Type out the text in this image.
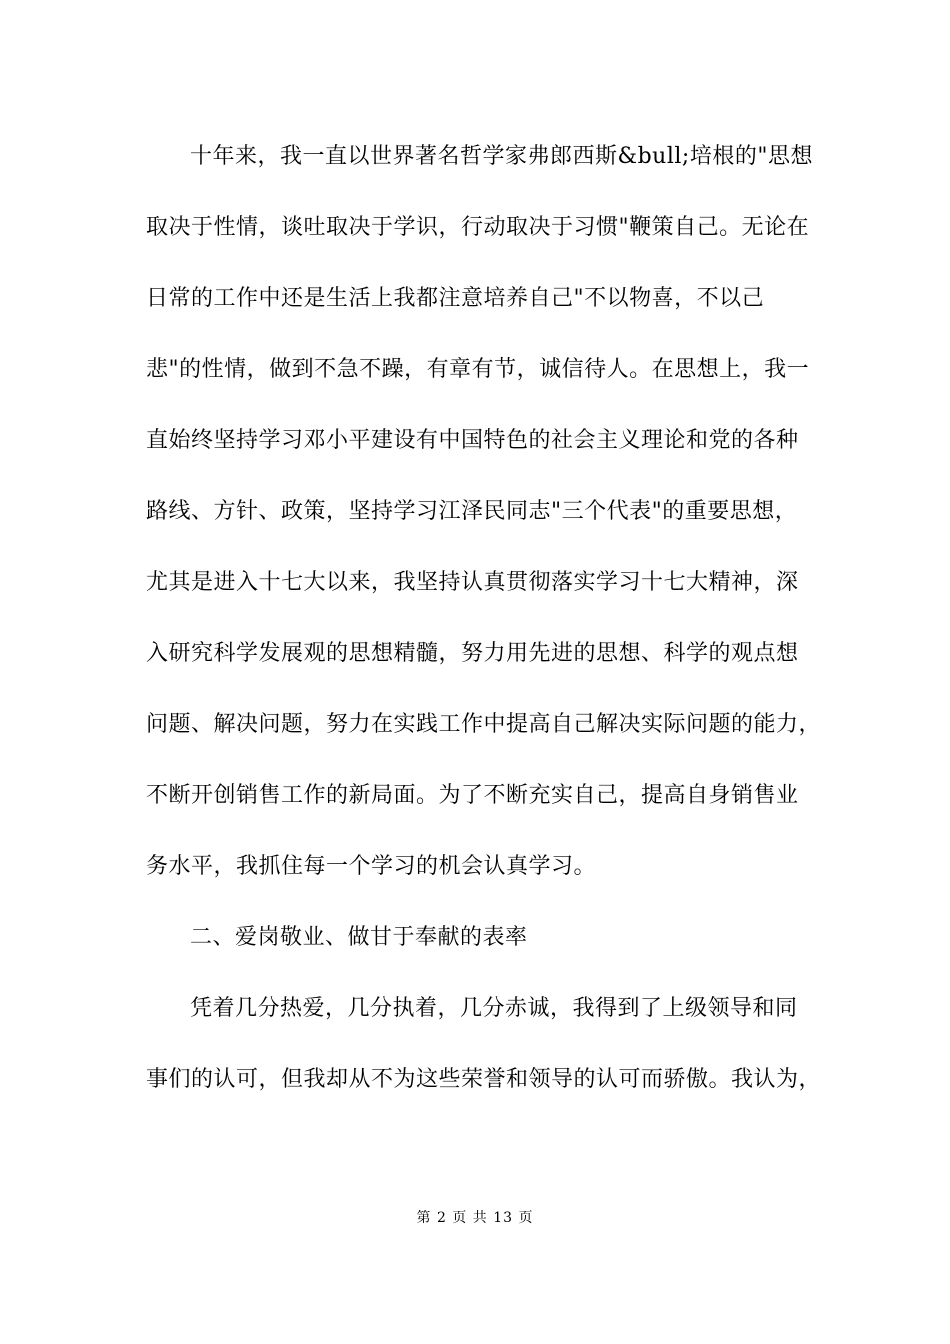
十年来，我一直以世界著名哲学家弗郎西斯&bull;培根的"思想
取决于性情，谈吐取决于学识，行动取决于习惯"鞭策自己。无论在
日常的工作中还是生活上我都注意培养自己"不以物喜，不以己
悲"的性情，做到不急不躁，有章有节，诚信待人。在思想上，我一
直始终坚持学习邓小平建设有中国特色的社会主义理论和党的各种
路线、方针、政策，坚持学习江泽民同志"三个代表"的重要思想，
尤其是进入十七大以来，我坚持认真贯彻落实学习十七大精神，深
入研究科学发展观的思想精髓，努力用先进的思想、科学的观点想
问题、解决问题，努力在实践工作中提高自己解决实际问题的能力，
不断开创销售工作的新局面。为了不断充实自己，提高自身销售业
务水平，我抓住每一个学习的机会认真学习。
二、爱岗敬业、做甘于奉献的表率
凭着几分热爱，几分执着，几分赤诚，我得到了上级领导和同
事们的认可，但我却从不为这些荣誉和领导的认可而骄傲。我认为，
第 2 页 共 13 页
